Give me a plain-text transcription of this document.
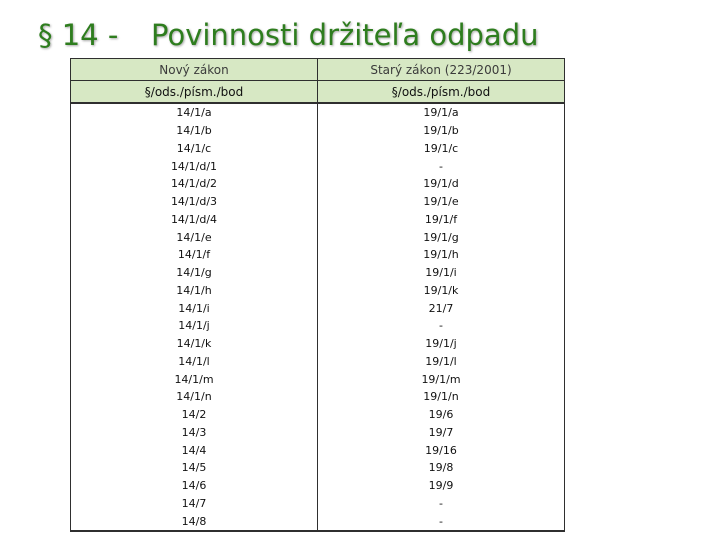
§ 14 - Povinnosti držiteľa odpadu
Nový zákon	Starý zákon (223/2001)
§/ods./písm./bod	§/ods./písm./bod
14/1/a	19/1/a
14/1/b	19/1/b
14/1/c	19/1/c
14/1/d/1	-
14/1/d/2	19/1/d
14/1/d/3	19/1/e
14/1/d/4	19/1/f
14/1/e	19/1/g
14/1/f	19/1/h
14/1/g	19/1/i
14/1/h	19/1/k
14/1/i	21/7
14/1/j	-
14/1/k	19/1/j
14/1/l	19/1/l
14/1/m	19/1/m
14/1/n	19/1/n
14/2	19/6
14/3	19/7
14/4	19/16
14/5	19/8
14/6	19/9
14/7	-
14/8	-
